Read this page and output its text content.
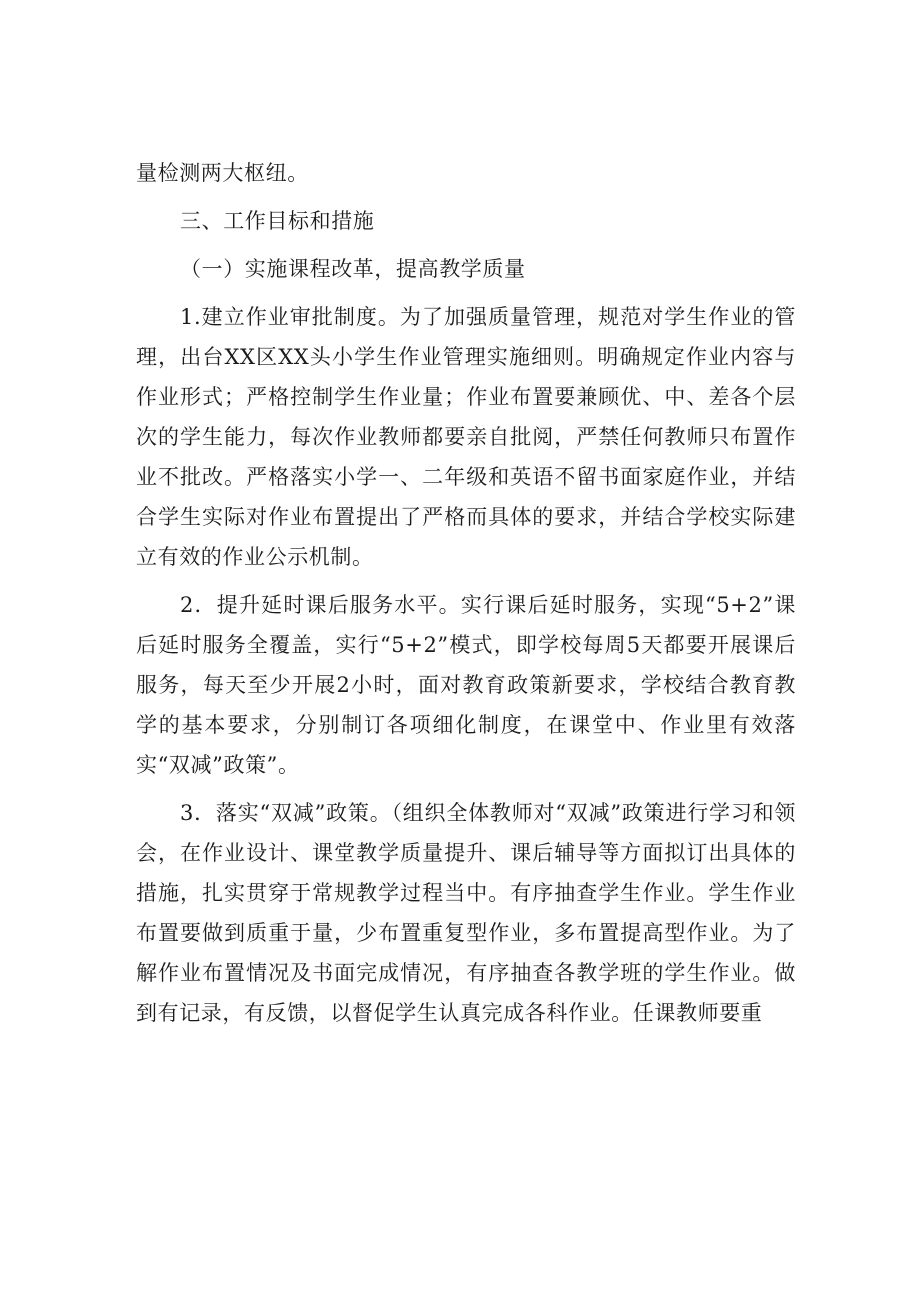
量检测两大枢纽。

三、工作目标和措施

（一）实施课程改革，提高教学质量

1.建立作业审批制度。为了加强质量管理，规范对学生作业的管理，出台XX区XX头小学生作业管理实施细则。明确规定作业内容与作业形式；严格控制学生作业量；作业布置要兼顾优、中、差各个层次的学生能力，每次作业教师都要亲自批阅，严禁任何教师只布置作业不批改。严格落实小学一、二年级和英语不留书面家庭作业，并结合学生实际对作业布置提出了严格而具体的要求，并结合学校实际建立有效的作业公示机制。

2．提升延时课后服务水平。实行课后延时服务，实现“5+2”课后延时服务全覆盖，实行“5+2”模式，即学校每周5天都要开展课后服务，每天至少开展2小时，面对教育政策新要求，学校结合教育教学的基本要求，分别制订各项细化制度，在课堂中、作业里有效落实“双减”政策”。

3．落实“双减”政策。（组织全体教师对“双减”政策进行学习和领会，在作业设计、课堂教学质量提升、课后辅导等方面拟订出具体的措施，扎实贯穿于常规教学过程当中。有序抽查学生作业。学生作业布置要做到质重于量，少布置重复型作业，多布置提高型作业。为了解作业布置情况及书面完成情况，有序抽查各教学班的学生作业。做到有记录，有反馈，以督促学生认真完成各科作业。任课教师要重
